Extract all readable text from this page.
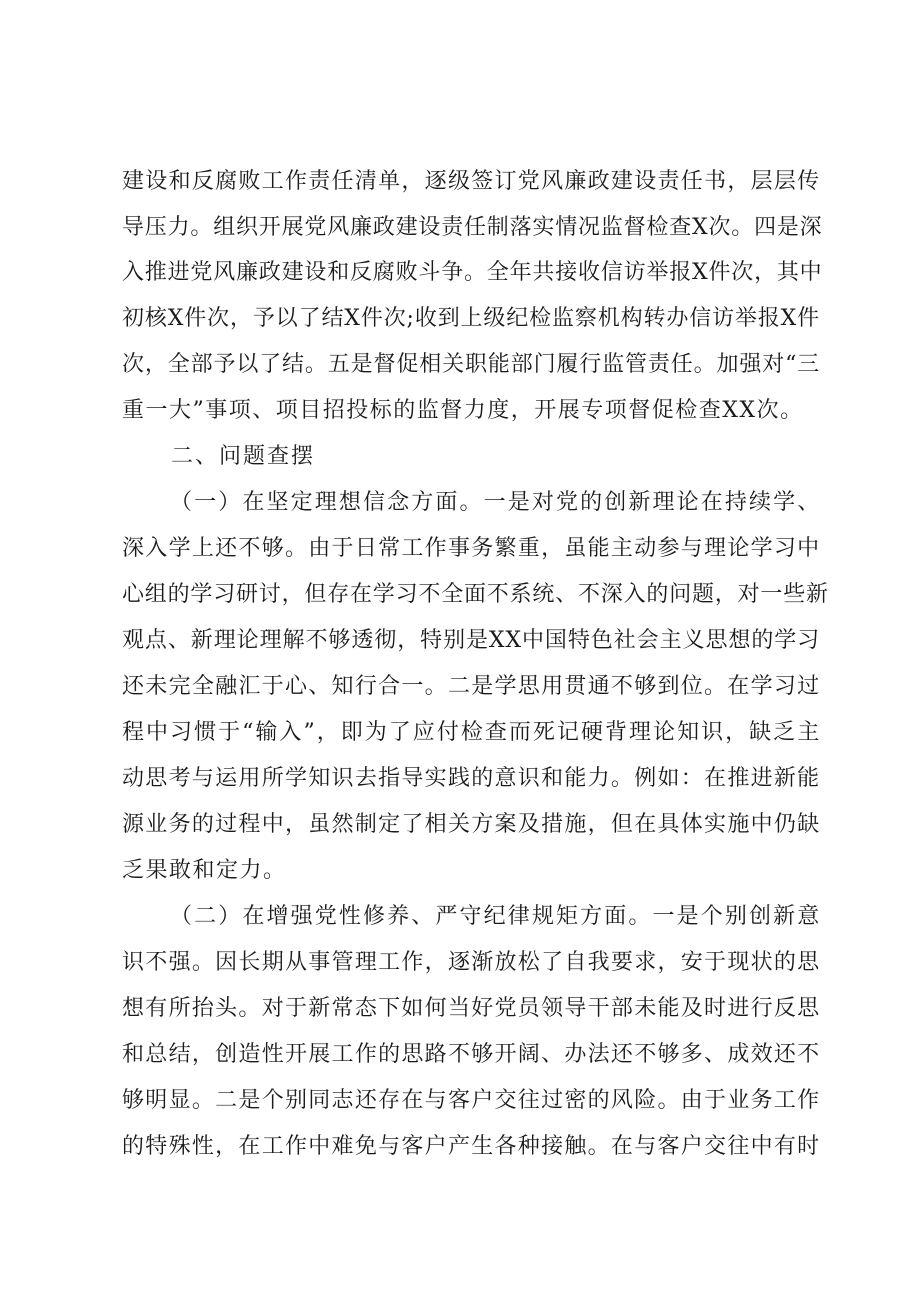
建设和反腐败工作责任清单，逐级签订党风廉政建设责任书，层层传
导压力。组织开展党风廉政建设责任制落实情况监督检查X次。四是深
入推进党风廉政建设和反腐败斗争。全年共接收信访举报X件次，其中
初核X件次，予以了结X件次;收到上级纪检监察机构转办信访举报X件
次，全部予以了结。五是督促相关职能部门履行监管责任。加强对“三
重一大”事项、项目招投标的监督力度，开展专项督促检查XX次。
二、问题查摆
（一）在坚定理想信念方面。一是对党的创新理论在持续学、
深入学上还不够。由于日常工作事务繁重，虽能主动参与理论学习中
心组的学习研讨，但存在学习不全面不系统、不深入的问题，对一些新
观点、新理论理解不够透彻，特别是XX中国特色社会主义思想的学习
还未完全融汇于心、知行合一。二是学思用贯通不够到位。在学习过
程中习惯于“输入”，即为了应付检查而死记硬背理论知识，缺乏主
动思考与运用所学知识去指导实践的意识和能力。例如：在推进新能
源业务的过程中，虽然制定了相关方案及措施，但在具体实施中仍缺
乏果敢和定力。
（二）在增强党性修养、严守纪律规矩方面。一是个别创新意
识不强。因长期从事管理工作，逐渐放松了自我要求，安于现状的思
想有所抬头。对于新常态下如何当好党员领导干部未能及时进行反思
和总结，创造性开展工作的思路不够开阔、办法还不够多、成效还不
够明显。二是个别同志还存在与客户交往过密的风险。由于业务工作
的特殊性，在工作中难免与客户产生各种接触。在与客户交往中有时
